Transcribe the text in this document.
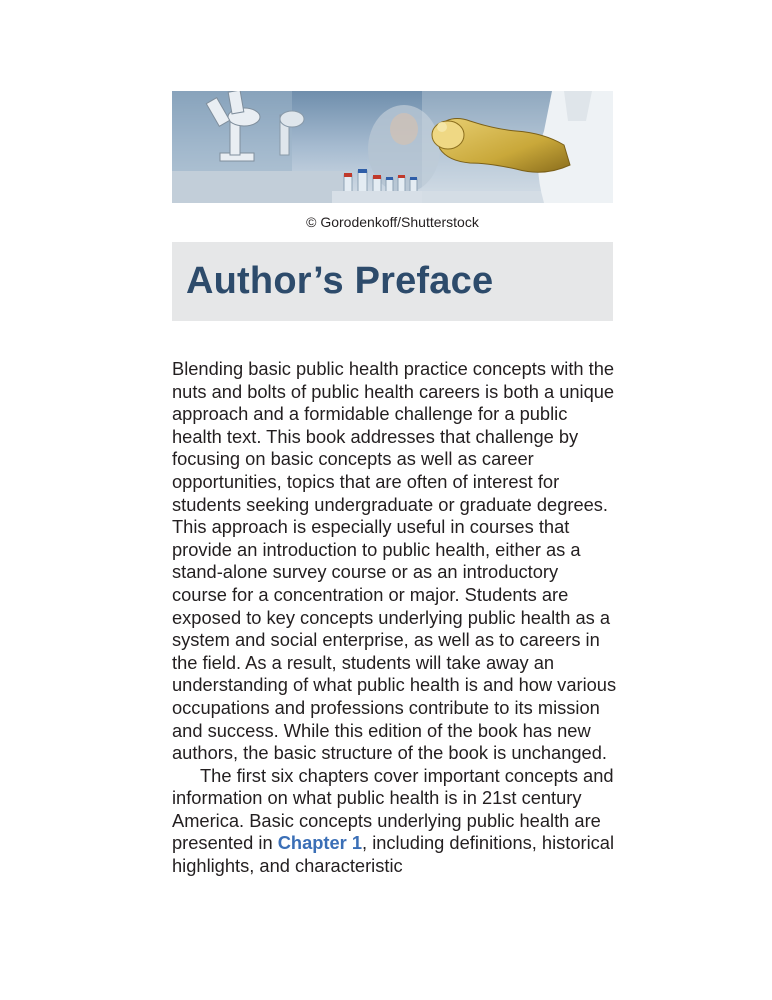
© Gorodenkoff/Shutterstock
Author’s Preface

Blending basic public health practice concepts with the nuts and bolts of public health careers is both a unique approach and a formidable challenge for a public health text. This book addresses that challenge by focusing on basic concepts as well as career opportunities, topics that are often of interest for students seeking undergraduate or graduate degrees. This approach is especially useful in courses that provide an introduction to public health, either as a stand-alone survey course or as an introductory course for a concentration or major. Students are exposed to key concepts underlying public health as a system and social enterprise, as well as to careers in the field. As a result, students will take away an understanding of what public health is and how various occupations and professions contribute to its mission and success. While this edition of the book has new authors, the basic structure of the book is unchanged.

The first six chapters cover important concepts and information on what public health is in 21st century America. Basic concepts underlying public health are presented in Chapter 1, including definitions, historical highlights, and characteristic
